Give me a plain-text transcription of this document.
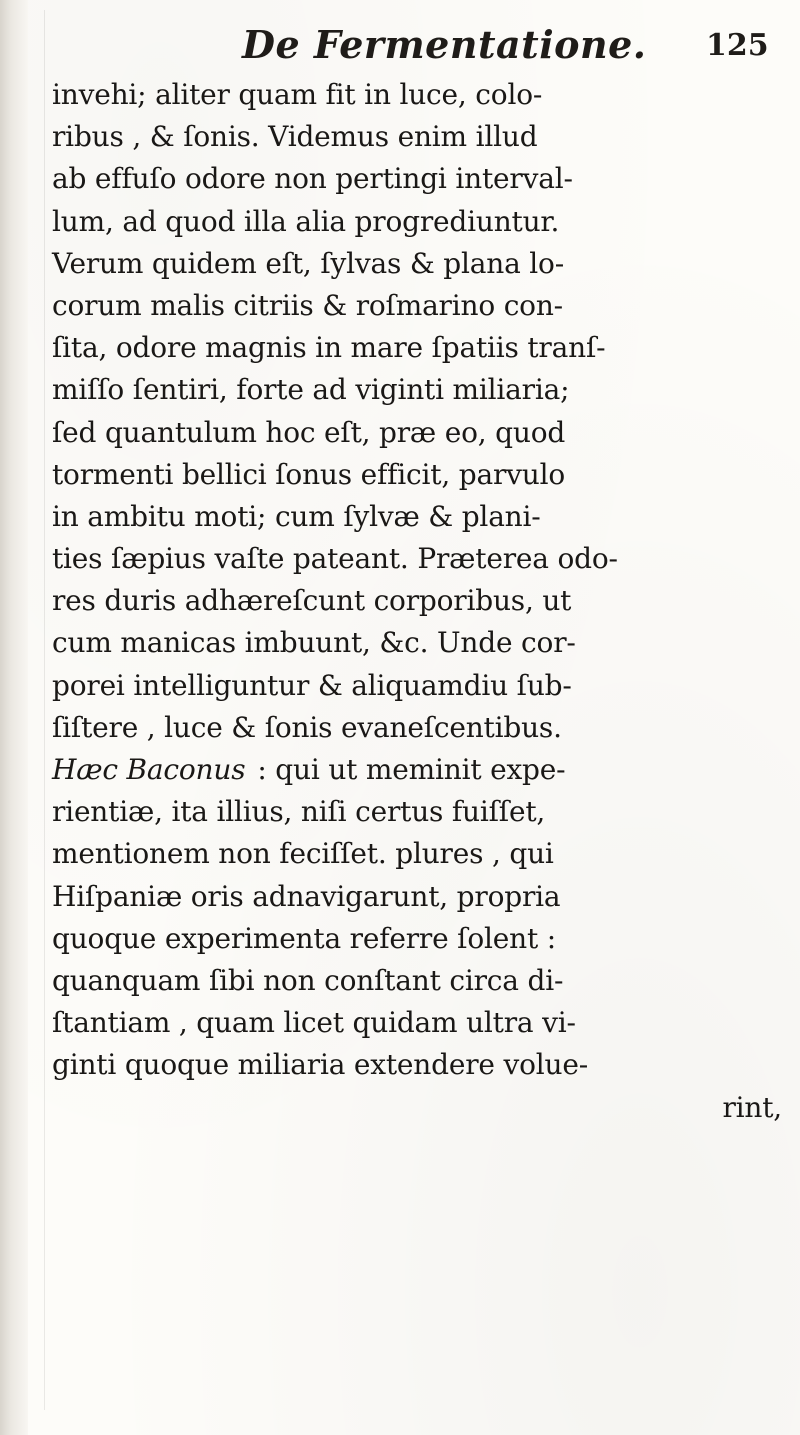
De Fermentatione. 125
invehi; aliter quam fit in luce, colo-
ribus , & ſonis. Videmus enim illud
ab effuſo odore non pertingi interval-
lum, ad quod illa alia progrediuntur.
Verum quidem eſt, ſylvas & plana lo-
corum malis citriis & roſmarino con-
ſita, odore magnis in mare ſpatiis tranſ-
miſſo ſentiri, forte ad viginti miliaria;
ſed quantulum hoc eſt, præ eo, quod
tormenti bellici ſonus efficit, parvulo
in ambitu moti; cum ſylvæ & plani-
ties ſæpius vaſte pateant. Præterea odo-
res duris adhæreſcunt corporibus, ut
cum manicas imbuunt, &c. Unde cor-
porei intelliguntur & aliquamdiu ſub-
ſiſtere , luce & ſonis evaneſcentibus.
Hæc Baconus : qui ut meminit expe-
rientiæ, ita illius, niſi certus fuiſſet,
mentionem non feciſſet. plures , qui
Hiſpaniæ oris adnavigarunt, propria
quoque experimenta referre ſolent :
quanquam ſibi non conſtant circa di-
ſtantiam , quam licet quidam ultra vi-
ginti quoque miliaria extendere volue-
rint,
